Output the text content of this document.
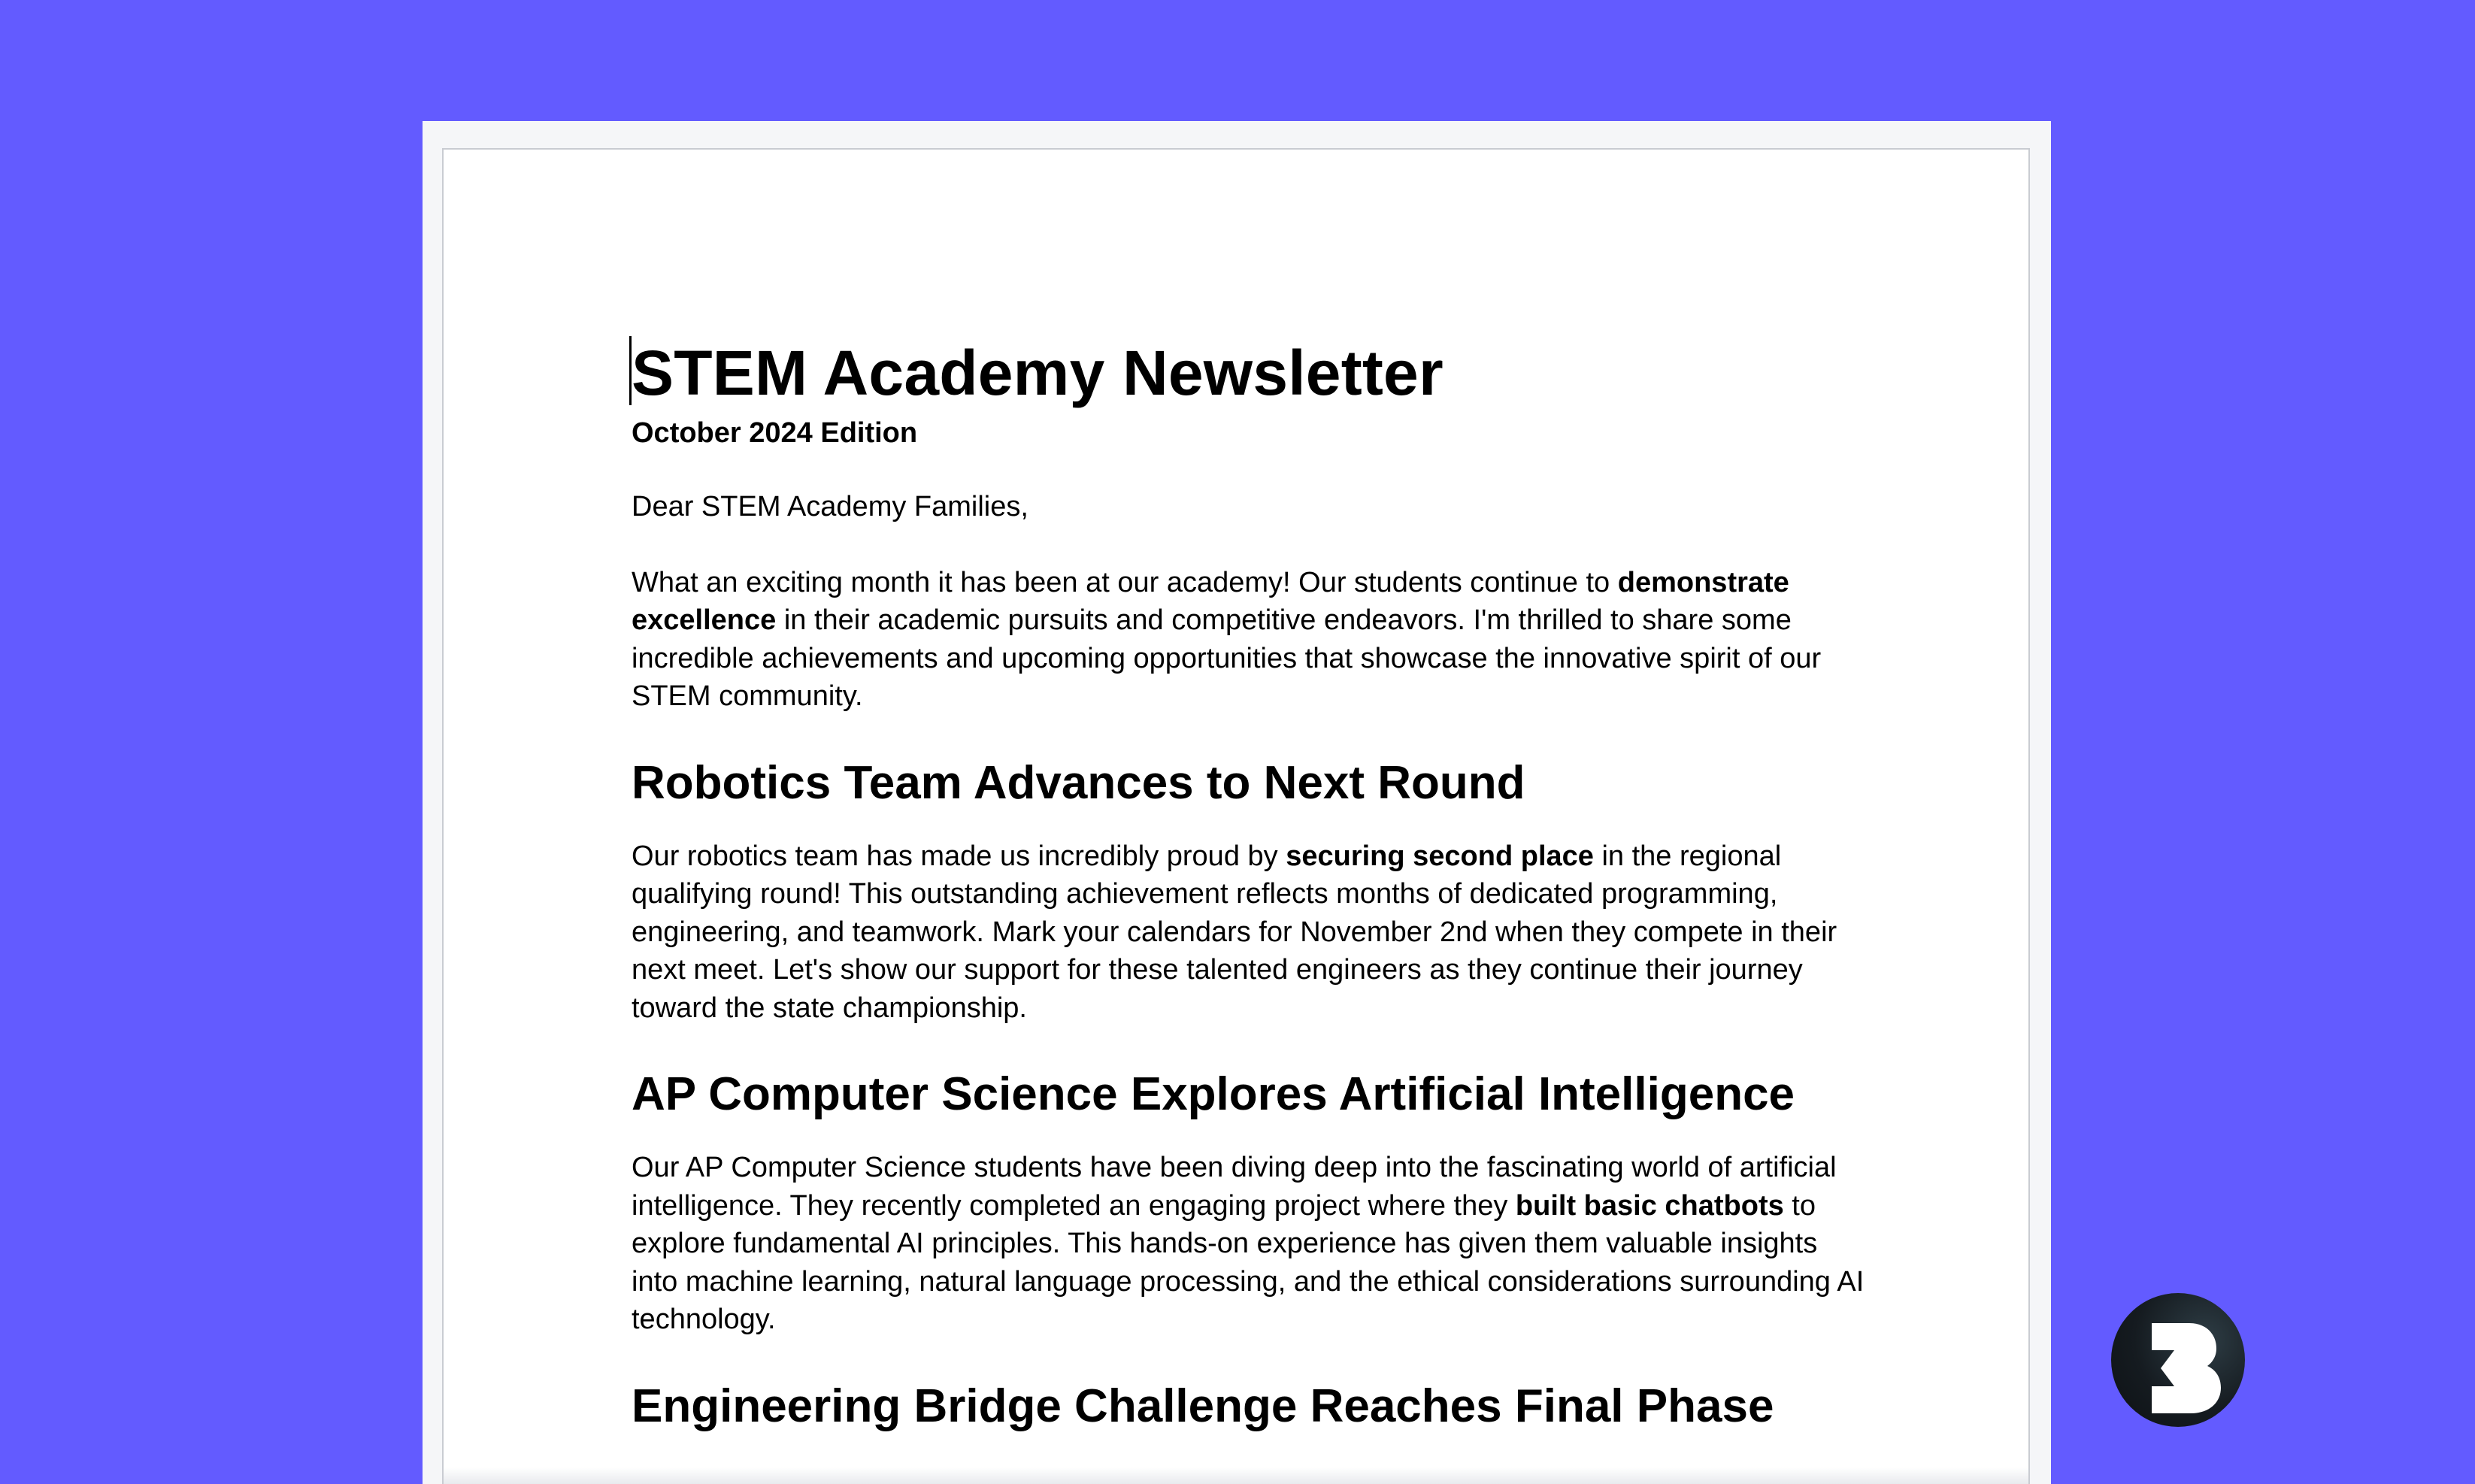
STEM Academy Newsletter
October 2024 Edition

Dear STEM Academy Families,

What an exciting month it has been at our academy! Our students continue to demonstrate excellence in their academic pursuits and competitive endeavors. I'm thrilled to share some incredible achievements and upcoming opportunities that showcase the innovative spirit of our STEM community.

Robotics Team Advances to Next Round

Our robotics team has made us incredibly proud by securing second place in the regional qualifying round! This outstanding achievement reflects months of dedicated programming, engineering, and teamwork. Mark your calendars for November 2nd when they compete in their next meet. Let's show our support for these talented engineers as they continue their journey toward the state championship.

AP Computer Science Explores Artificial Intelligence

Our AP Computer Science students have been diving deep into the fascinating world of artificial intelligence. They recently completed an engaging project where they built basic chatbots to explore fundamental AI principles. This hands-on experience has given them valuable insights into machine learning, natural language processing, and the ethical considerations surrounding AI technology.

Engineering Bridge Challenge Reaches Final Phase
